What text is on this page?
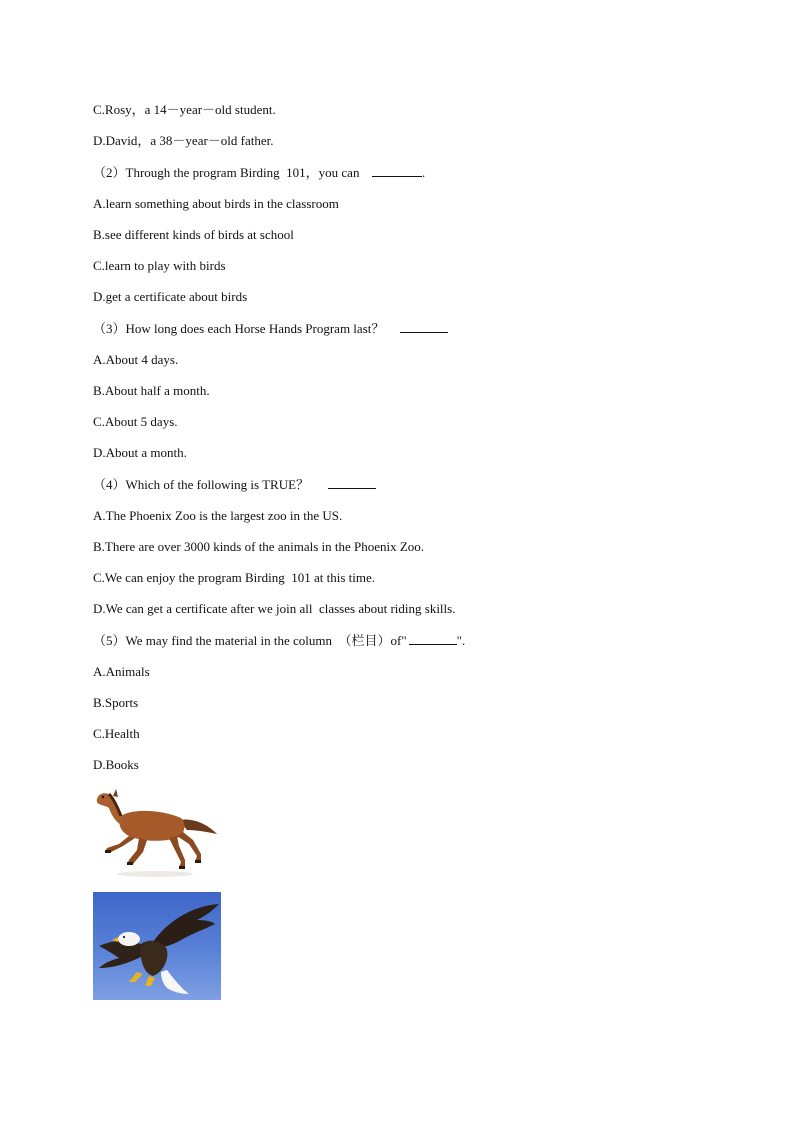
C.Rosy，a 14－year－old student.
D.David，a 38－year－old father.
（2）Through the program Birding  101，you can	.
A.learn something about birds in the classroom
B.see different kinds of birds at school
C.learn to play with birds
D.get a certificate about birds
（3）How long does each Horse Hands Program last？
A.About 4 days.
B.About half a month.
C.About 5 days.
D.About a month.
（4）Which of the following is TRUE？
A.The Phoenix Zoo is the largest zoo in the US.
B.There are over 3000 kinds of the animals in the Phoenix Zoo.
C.We can enjoy the program Birding  101 at this time.
D.We can get a certificate after we join all  classes about riding skills.
（5）We may find the material in the column  （栏目）of"	".
A.Animals
B.Sports
C.Health
D.Books
